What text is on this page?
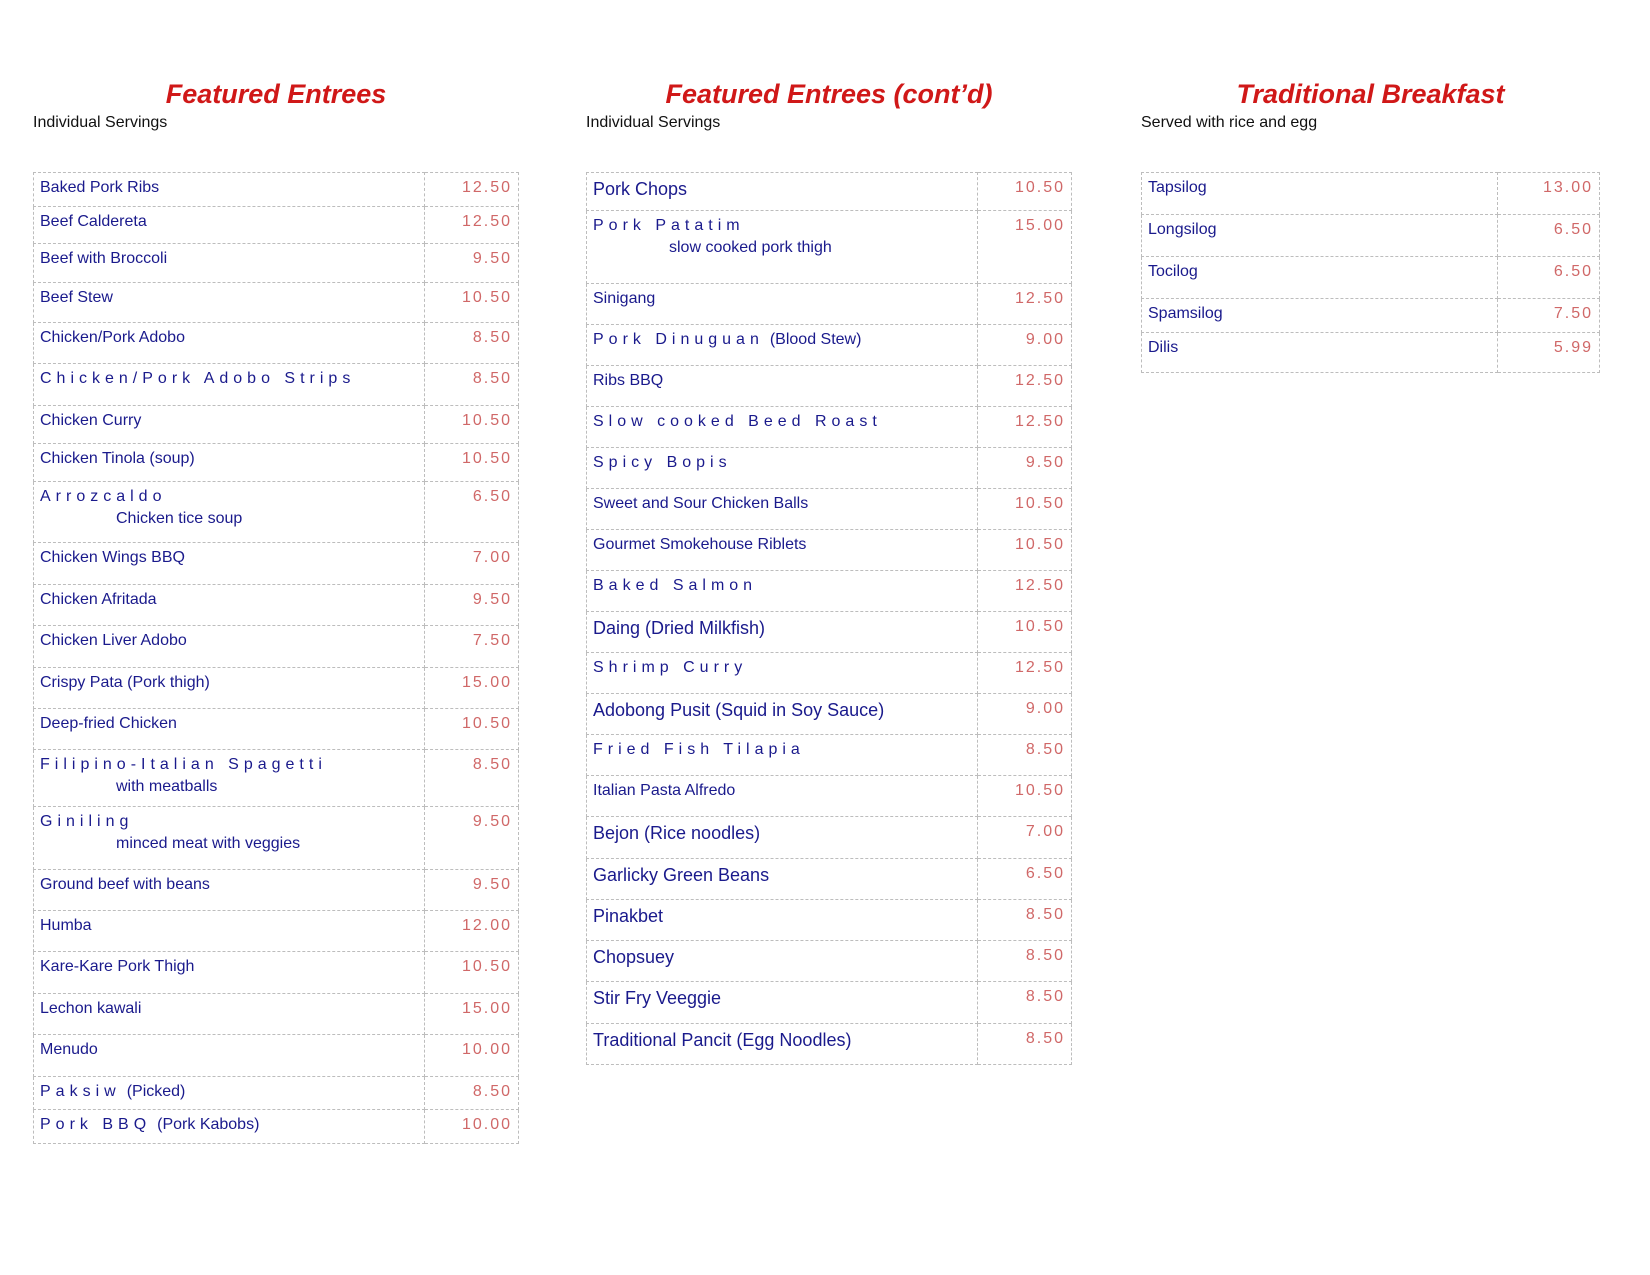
Featured Entrees
Individual Servings
Baked Pork Ribs	12.50
Beef Caldereta	12.50
Beef with Broccoli	9.50
Beef Stew	10.50
Chicken/Pork Adobo	8.50
Chicken/Pork Adobo Strips	8.50
Chicken Curry	10.50
Chicken Tinola (soup)	10.50
Arrozcaldo
Chicken tice soup	6.50
Chicken Wings BBQ	7.00
Chicken Afritada	9.50
Chicken Liver Adobo	7.50
Crispy Pata (Pork thigh)	15.00
Deep-fried Chicken	10.50
Filipino-Italian Spagetti
with meatballs	8.50
Giniling
minced meat with veggies	9.50
Ground beef with beans	9.50
Humba	12.00
Kare-Kare Pork Thigh	10.50
Lechon kawali	15.00
Menudo	10.00
Paksiw (Picked)	8.50
Pork BBQ (Pork Kabobs)	10.00
Featured Entrees (cont’d)
Individual Servings
Pork Chops	10.50
Pork Patatim
slow cooked pork thigh	15.00
Sinigang	12.50
Pork Dinuguan (Blood Stew)	9.00
Ribs BBQ	12.50
Slow cooked Beed Roast	12.50
Spicy Bopis	9.50
Sweet and Sour Chicken Balls	10.50
Gourmet Smokehouse Riblets	10.50
Baked Salmon	12.50
Daing (Dried Milkfish)	10.50
Shrimp Curry	12.50
Adobong Pusit (Squid in Soy Sauce)	9.00
Fried Fish Tilapia	8.50
Italian Pasta Alfredo	10.50
Bejon (Rice noodles)	7.00
Garlicky Green Beans	6.50
Pinakbet	8.50
Chopsuey	8.50
Stir Fry Veeggie	8.50
Traditional Pancit (Egg Noodles)	8.50
Traditional Breakfast
Served with rice and egg
Tapsilog	13.00
Longsilog	6.50
Tocilog	6.50
Spamsilog	7.50
Dilis	5.99
